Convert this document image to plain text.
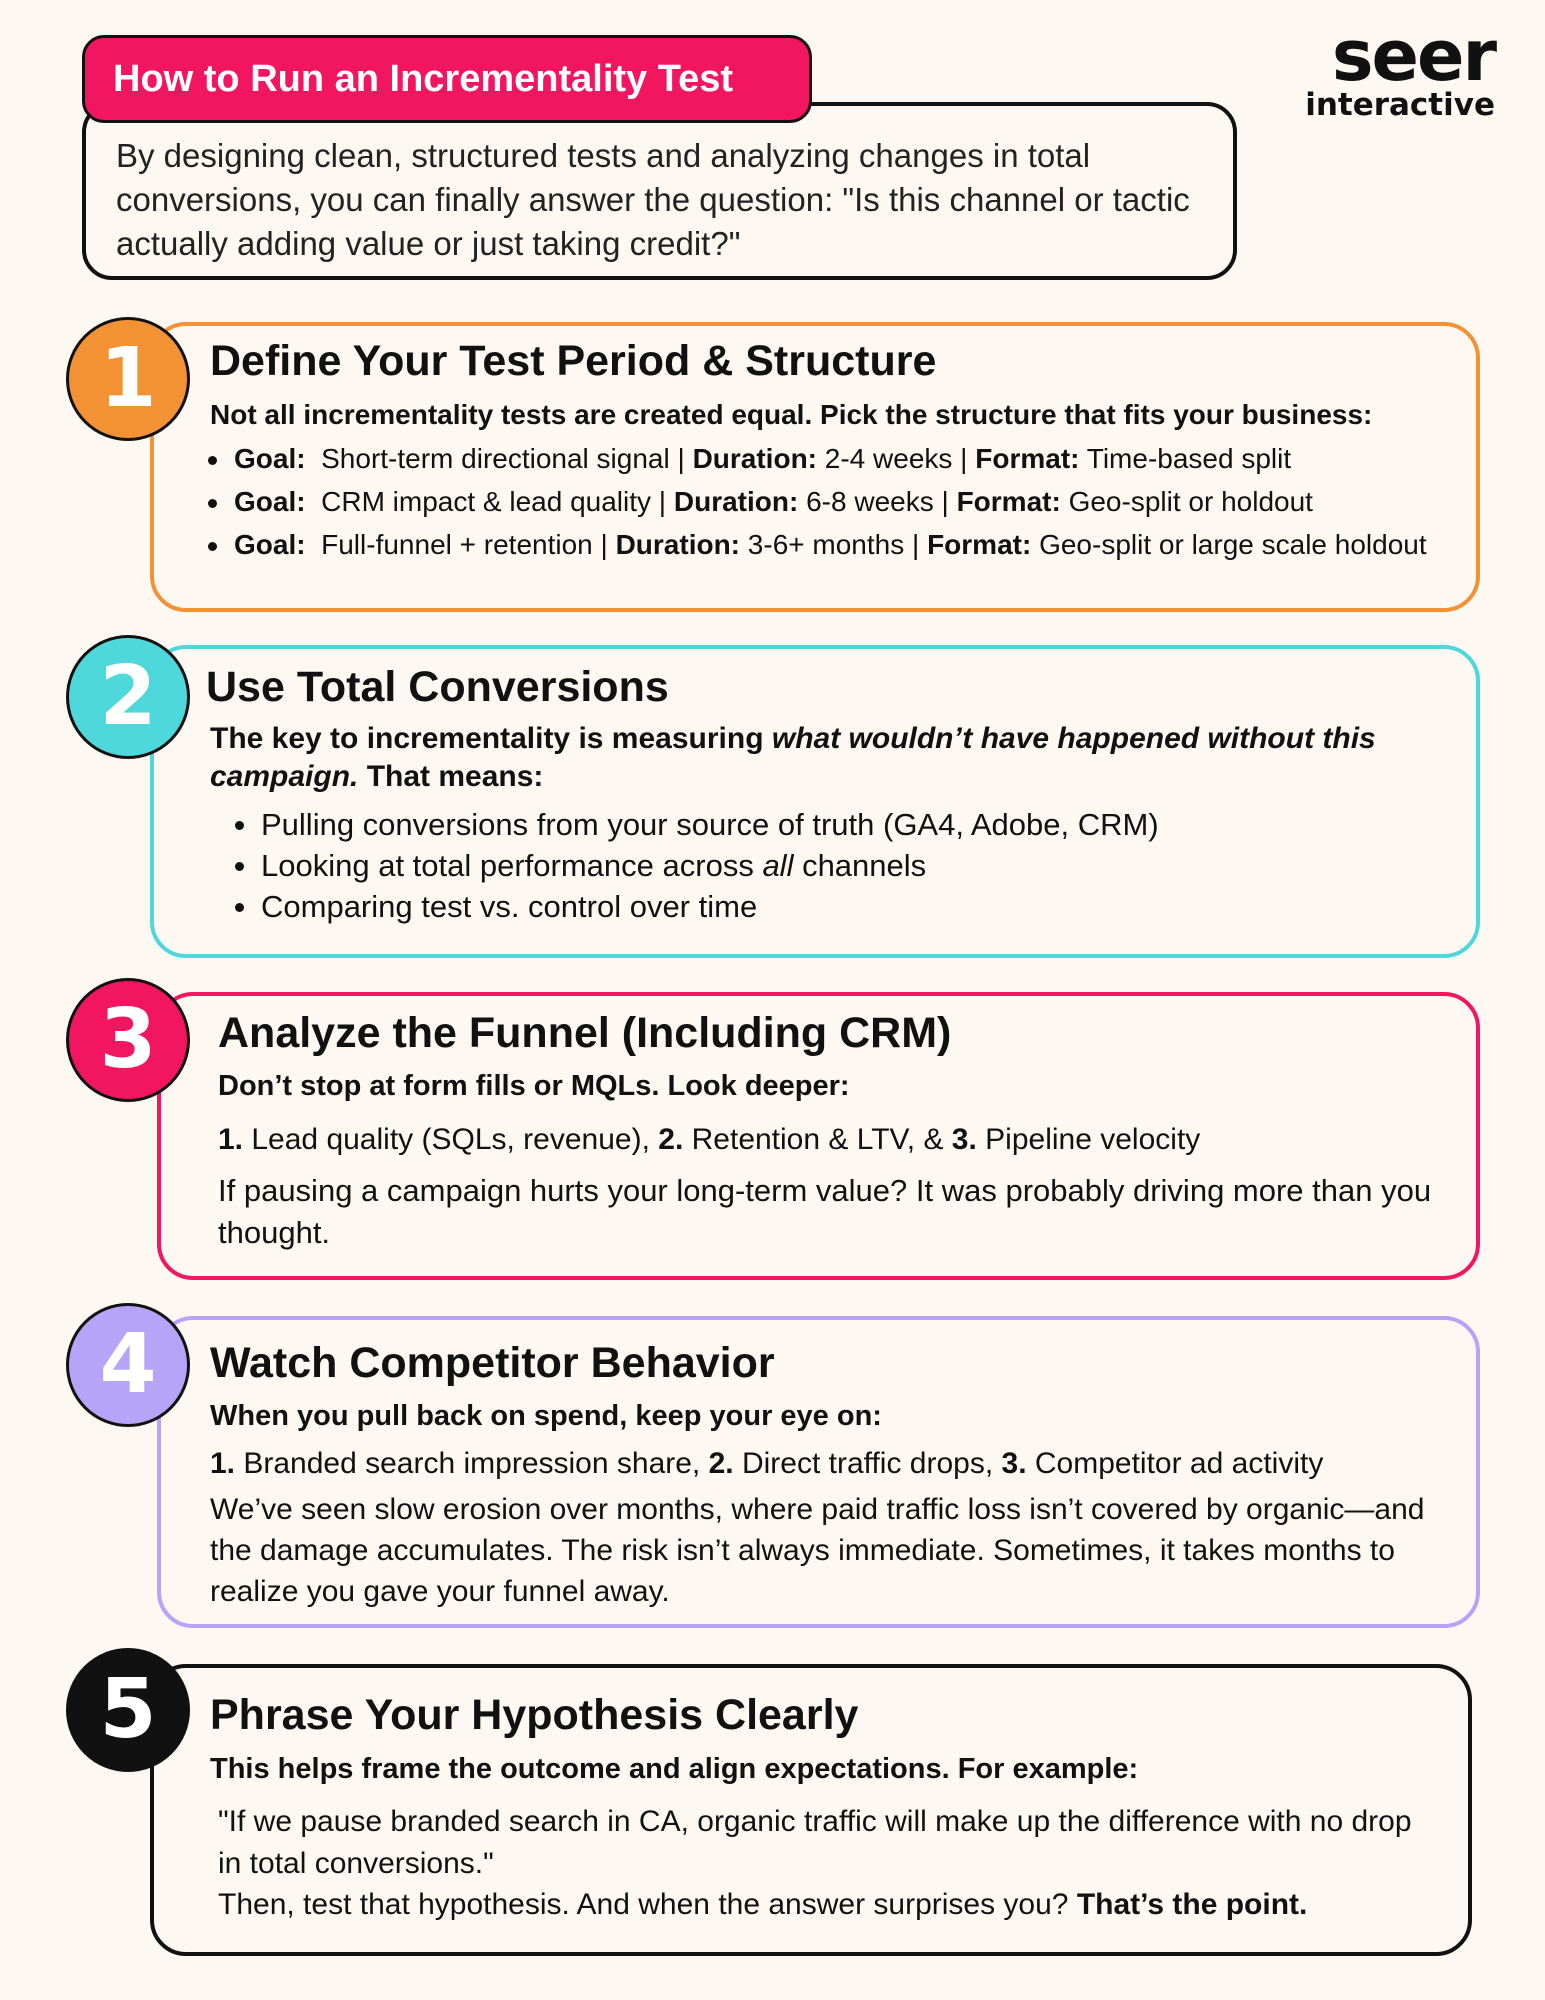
How to Run an Incrementality Test
By designing clean, structured tests and analyzing changes in total conversions, you can finally answer the question: "Is this channel or tactic actually adding value or just taking credit?"
seer
interactive
1	Define Your Test Period & Structure
Not all incrementality tests are created equal. Pick the structure that fits your business:
Goal: Short-term directional signal | Duration: 2-4 weeks | Format: Time-based split
Goal: CRM impact & lead quality | Duration: 6-8 weeks | Format: Geo-split or holdout
Goal: Full-funnel + retention | Duration: 3-6+ months | Format: Geo-split or large scale holdout
2	Use Total Conversions
The key to incrementality is measuring what wouldn’t have happened without this campaign. That means:
Pulling conversions from your source of truth (GA4, Adobe, CRM)
Looking at total performance across all channels
Comparing test vs. control over time
3	Analyze the Funnel (Including CRM)
Don’t stop at form fills or MQLs. Look deeper:
1. Lead quality (SQLs, revenue), 2. Retention & LTV, & 3. Pipeline velocity
If pausing a campaign hurts your long-term value? It was probably driving more than you thought.
4	Watch Competitor Behavior
When you pull back on spend, keep your eye on:
1. Branded search impression share, 2. Direct traffic drops, 3. Competitor ad activity
We’ve seen slow erosion over months, where paid traffic loss isn’t covered by organic—and the damage accumulates. The risk isn’t always immediate. Sometimes, it takes months to realize you gave your funnel away.
5	Phrase Your Hypothesis Clearly
This helps frame the outcome and align expectations. For example:
"If we pause branded search in CA, organic traffic will make up the difference with no drop in total conversions."
Then, test that hypothesis. And when the answer surprises you? That’s the point.
